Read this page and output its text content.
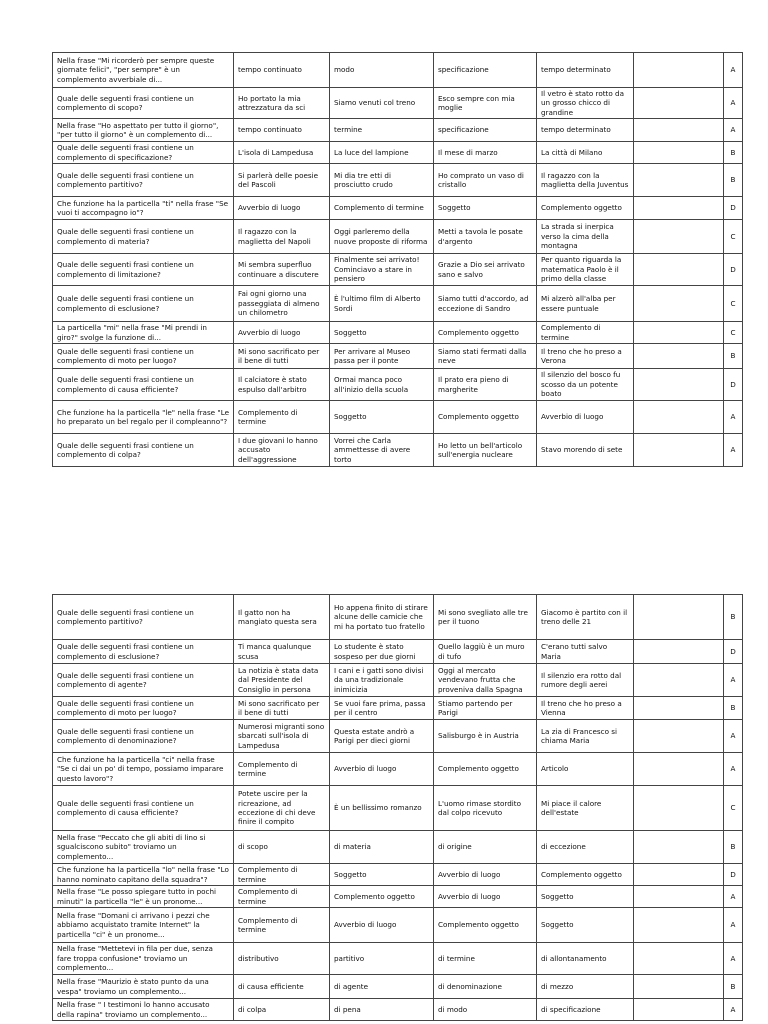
Nella frase "Mi ricorderò per sempre queste giornate felici", "per sempre" è un complemento avverbiale di...	tempo continuato	modo	specificazione	tempo determinato		A
Quale delle seguenti frasi contiene un complemento di scopo?	Ho portato la mia attrezzatura da sci	Siamo venuti col treno	Esco sempre con mia moglie	Il vetro è stato rotto da un grosso chicco di grandine		A
Nella frase "Ho aspettato per tutto il giorno", "per tutto il giorno" è un complemento di...	tempo continuato	termine	specificazione	tempo determinato		A
Quale delle seguenti frasi contiene un complemento di specificazione?	L'isola di Lampedusa	La luce del lampione	Il mese di marzo	La città di Milano		B
Quale delle seguenti frasi contiene un complemento partitivo?	Si parlerà delle poesie del Pascoli	Mi dia tre etti di prosciutto crudo	Ho comprato un vaso di cristallo	Il ragazzo con la maglietta della Juventus		B
Che funzione ha la particella "ti" nella frase "Se vuoi ti accompagno io"?	Avverbio di luogo	Complemento di termine	Soggetto	Complemento oggetto		D
Quale delle seguenti frasi contiene un complemento di materia?	Il ragazzo con la maglietta del Napoli	Oggi parleremo della nuove proposte di riforma	Metti a tavola le posate d'argento	La strada si inerpica verso la cima della montagna		C
Quale delle seguenti frasi contiene un complemento di limitazione?	Mi sembra superfluo continuare a discutere	Finalmente sei arrivato! Cominciavo a stare in pensiero	Grazie a Dio sei arrivato sano e salvo	Per quanto riguarda la matematica Paolo è il primo della classe		D
Quale delle seguenti frasi contiene un complemento di esclusione?	Fai ogni giorno una passeggiata di almeno un chilometro	È l'ultimo film di Alberto Sordi	Siamo tutti d'accordo, ad eccezione di Sandro	Mi alzerò all'alba per essere puntuale		C
La particella "mi" nella frase "Mi prendi in giro?" svolge la funzione di...	Avverbio di luogo	Soggetto	Complemento oggetto	Complemento di termine		C
Quale delle seguenti frasi contiene un complemento di moto per luogo?	Mi sono sacrificato per il bene di tutti	Per arrivare al Museo passa per il ponte	Siamo stati fermati dalla neve	Il treno che ho preso a Verona		B
Quale delle seguenti frasi contiene un complemento di causa efficiente?	Il calciatore è stato espulso dall'arbitro	Ormai manca poco all'inizio della scuola	Il prato era pieno di margherite	Il silenzio del bosco fu scosso da un potente boato		D
Che funzione ha la particella "le" nella frase "Le ho preparato un bel regalo per il compleanno"?	Complemento di termine	Soggetto	Complemento oggetto	Avverbio di luogo		A
Quale delle seguenti frasi contiene un complemento di colpa?	I due giovani lo hanno accusato dell'aggressione	Vorrei che Carla ammettesse di avere torto	Ho letto un bell'articolo sull'energia nucleare	Stavo morendo di sete		A
Quale delle seguenti frasi contiene un complemento partitivo?	Il gatto non ha mangiato questa sera	Ho appena finito di stirare alcune delle camicie che mi ha portato tuo fratello	Mi sono svegliato alle tre per il tuono	Giacomo è partito con il treno delle 21		B
Quale delle seguenti frasi contiene un complemento di esclusione?	Ti manca qualunque scusa	Lo studente è stato sospeso per due giorni	Quello laggiù è un muro di tufo	C'erano tutti salvo Maria		D
Quale delle seguenti frasi contiene un complemento di agente?	La notizia è stata data dal Presidente del Consiglio in persona	I cani e i gatti sono divisi da una tradizionale inimicizia	Oggi al mercato vendevano frutta che proveniva dalla Spagna	Il silenzio era rotto dal rumore degli aerei		A
Quale delle seguenti frasi contiene un complemento di moto per luogo?	Mi sono sacrificato per il bene di tutti	Se vuoi fare prima, passa per il centro	Stiamo partendo per Parigi	Il treno che ho preso a Vienna		B
Quale delle seguenti frasi contiene un complemento di denominazione?	Numerosi migranti sono sbarcati sull'isola di Lampedusa	Questa estate andrò a Parigi per dieci giorni	Salisburgo è in Austria	La zia di Francesco si chiama Maria		A
Che funzione ha la particella "ci" nella frase "Se ci dai un po' di tempo, possiamo imparare questo lavoro"?	Complemento di termine	Avverbio di luogo	Complemento oggetto	Articolo		A
Quale delle seguenti frasi contiene un complemento di causa efficiente?	Potete uscire per la ricreazione, ad eccezione di chi deve finire il compito	È un bellissimo romanzo	L'uomo rimase stordito dal colpo ricevuto	Mi piace il calore dell'estate		C
Nella frase "Peccato che gli abiti di lino si sgualciscono subito" troviamo un complemento...	di scopo	di materia	di origine	di eccezione		B
Che funzione ha la particella "lo" nella frase "Lo hanno nominato capitano della squadra"?	Complemento di termine	Soggetto	Avverbio di luogo	Complemento oggetto		D
Nella frase "Le posso spiegare tutto in pochi minuti" la particella "le" è un pronome...	Complemento di termine	Complemento oggetto	Avverbio di luogo	Soggetto		A
Nella frase "Domani ci arrivano i pezzi che abbiamo acquistato tramite Internet" la particella "ci" è un pronome...	Complemento di termine	Avverbio di luogo	Complemento oggetto	Soggetto		A
Nella frase "Mettetevi in fila per due, senza fare troppa confusione" troviamo un complemento...	distributivo	partitivo	di termine	di allontanamento		A
Nella frase "Maurizio è stato punto da una vespa" troviamo un complemento...	di causa efficiente	di agente	di denominazione	di mezzo		B
Nella frase " I testimoni lo hanno accusato della rapina" troviamo un complemento...	di colpa	di pena	di modo	di specificazione		A
